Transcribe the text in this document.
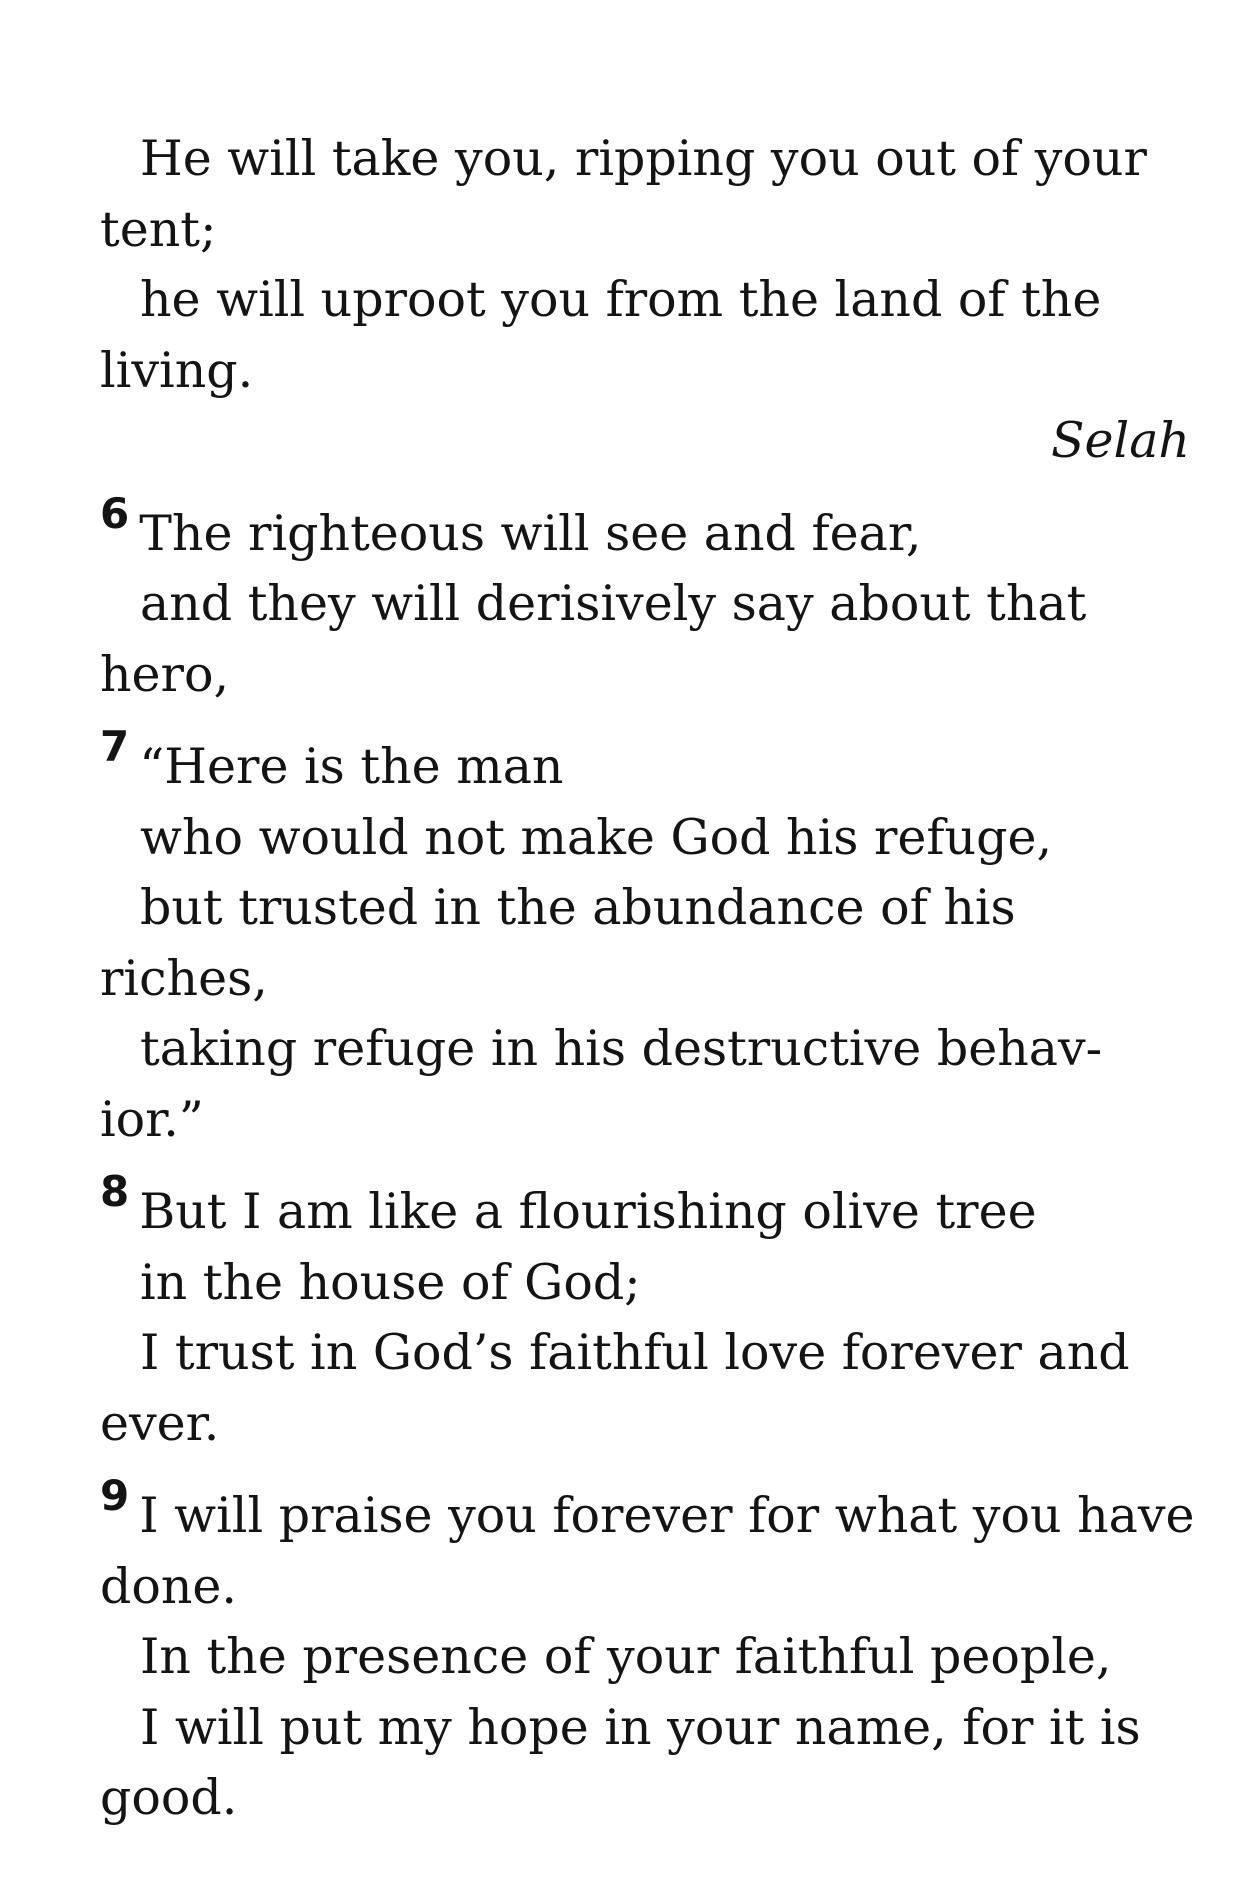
He will take you, ripping you out of your
tent;
he will uproot you from the land of the
living.
Selah
6 The righteous will see and fear,
and they will derisively say about that
hero,
7 “Here is the man
who would not make God his refuge,
but trusted in the abundance of his
riches,
taking refuge in his destructive behav-
ior.”
8 But I am like a flourishing olive tree
in the house of God;
I trust in God’s faithful love forever and
ever.
9 I will praise you forever for what you have
done.
In the presence of your faithful people,
I will put my hope in your name, for it is
good.
